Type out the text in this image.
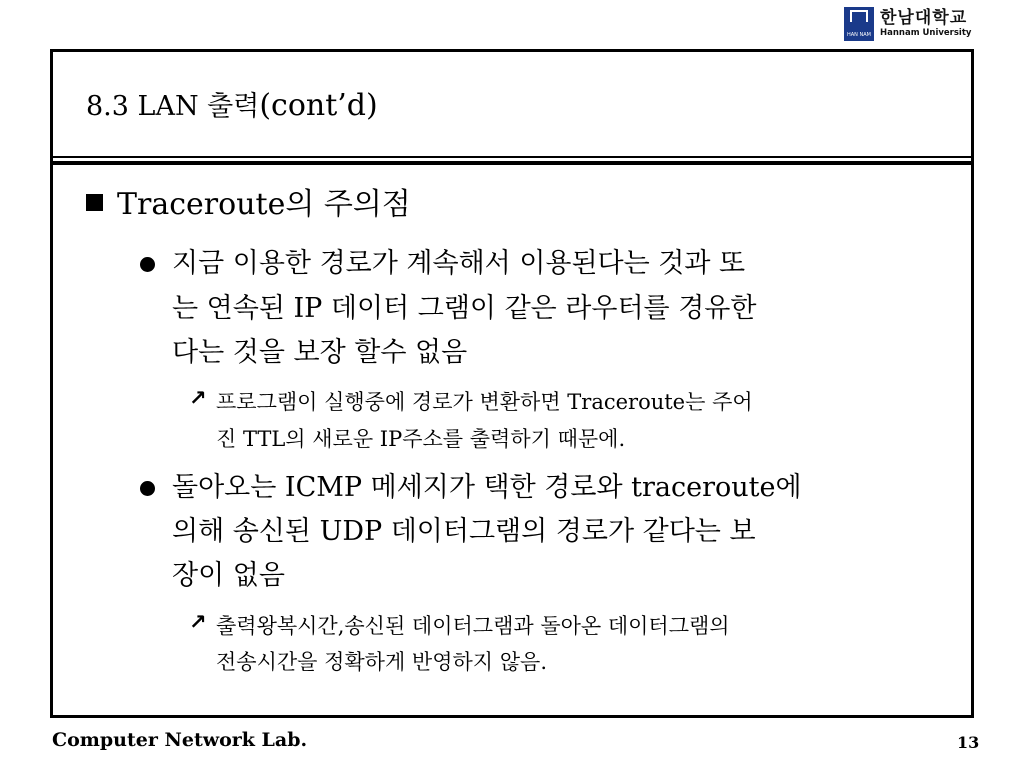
HAN NAM
한남대학교
Hannam University
8.3 LAN 출력(cont’d)
Traceroute의 주의점
지금 이용한 경로가 계속해서 이용된다는 것과 또
는 연속된 IP 데이터 그램이 같은 라우터를 경유한
다는 것을 보장 할수 없음
↗ 프로그램이 실행중에 경로가 변환하면 Traceroute는 주어
진 TTL의 새로운 IP주소를 출력하기 때문에.
돌아오는 ICMP 메세지가 택한 경로와 traceroute에
의해 송신된 UDP 데이터그램의 경로가 같다는 보
장이 없음
↗ 출력왕복시간,송신된 데이터그램과 돌아온 데이터그램의
전송시간을 정확하게 반영하지 않음.
Computer Network Lab.	13
